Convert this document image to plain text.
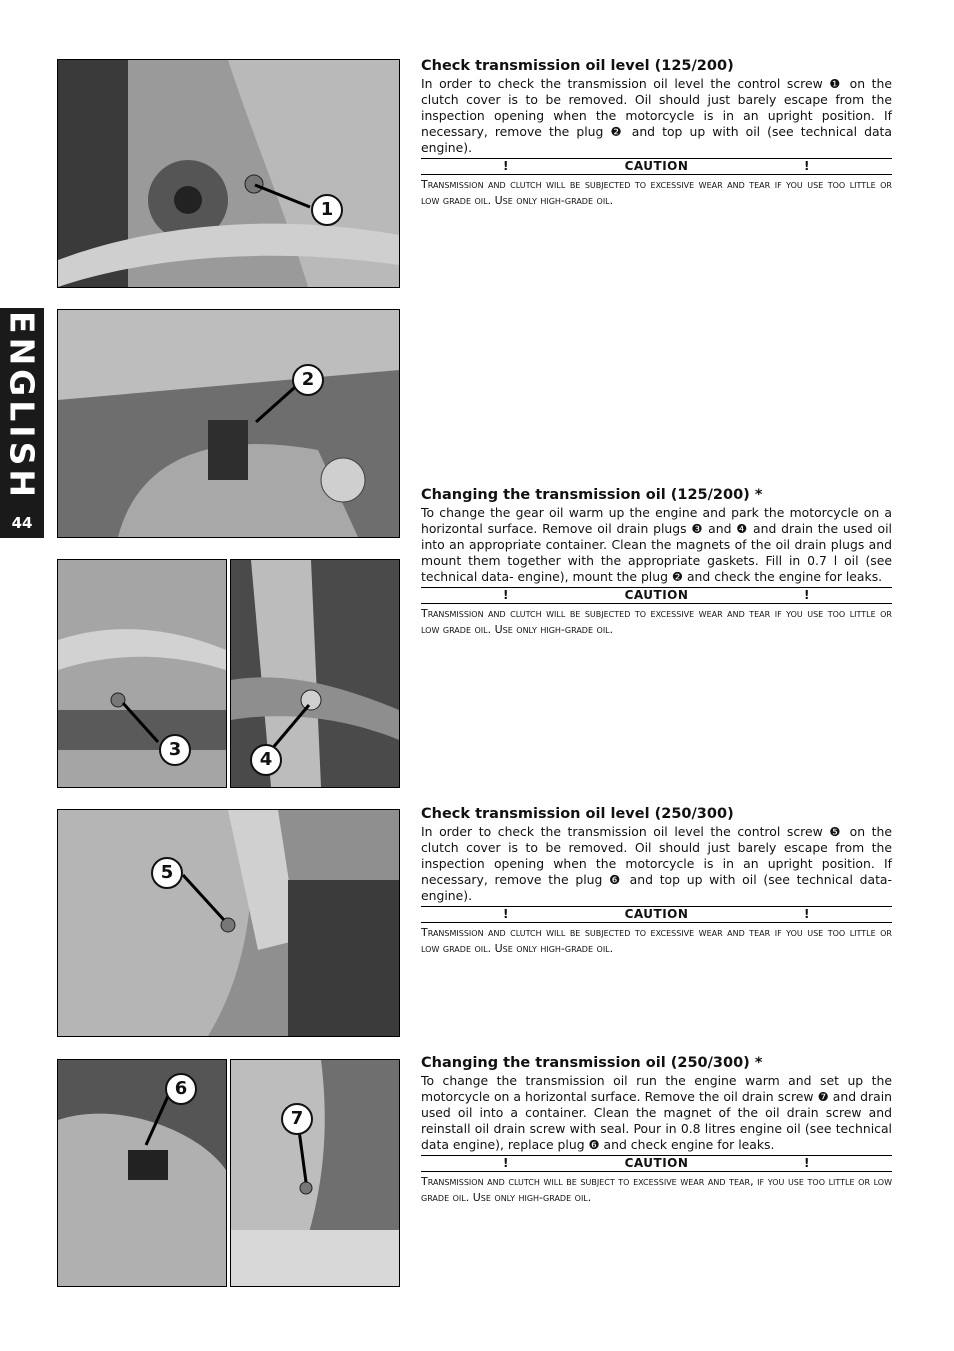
ENGLISH
44
1
2
3	4
5
6
7
Check transmission oil level (125/200)

In order to check the transmission oil level the control screw ❶ on the clutch cover is to be removed. Oil should just barely escape from the inspection opening when the motorcycle is in an upright position. If necessary, remove the plug ❷ and top up with oil (see technical data engine).

!	CAUTION	!
Transmission and clutch will be subjected to excessive wear and tear if you use too little or low grade oil. Use only high-grade oil.
Changing the transmission oil (125/200) *

To change the gear oil warm up the engine and park the motorcycle on a horizontal surface. Remove oil drain plugs ❸ and ❹ and drain the used oil into an appropriate container. Clean the magnets of the oil drain plugs and mount them together with the appropriate gaskets. Fill in 0.7 l oil (see technical data- engine), mount the plug ❷ and check the engine for leaks.

!	CAUTION	!
Transmission and clutch will be subjected to excessive wear and tear if you use too little or low grade oil. Use only high-grade oil.
Check transmission oil level (250/300)

In order to check the transmission oil level the control screw ❺ on the clutch cover is to be removed. Oil should just barely escape from the inspection opening when the motorcycle is in an upright position. If necessary, remove the plug ❻ and top up with oil (see technical data- engine).

!	CAUTION	!
Transmission and clutch will be subjected to excessive wear and tear if you use too little or low grade oil. Use only high-grade oil.
Changing the transmission oil (250/300) *

To change the transmission oil run the engine warm and set up the motorcycle on a horizontal surface. Remove the oil drain screw ❼ and drain used oil into a container. Clean the magnet of the oil drain screw and reinstall oil drain screw with seal. Pour in 0.8 litres engine oil (see technical data engine), replace plug ❻ and check engine for leaks.

!	CAUTION	!
Transmission and clutch will be subject to excessive wear and tear, if you use too little or low grade oil. Use only high-grade oil.
